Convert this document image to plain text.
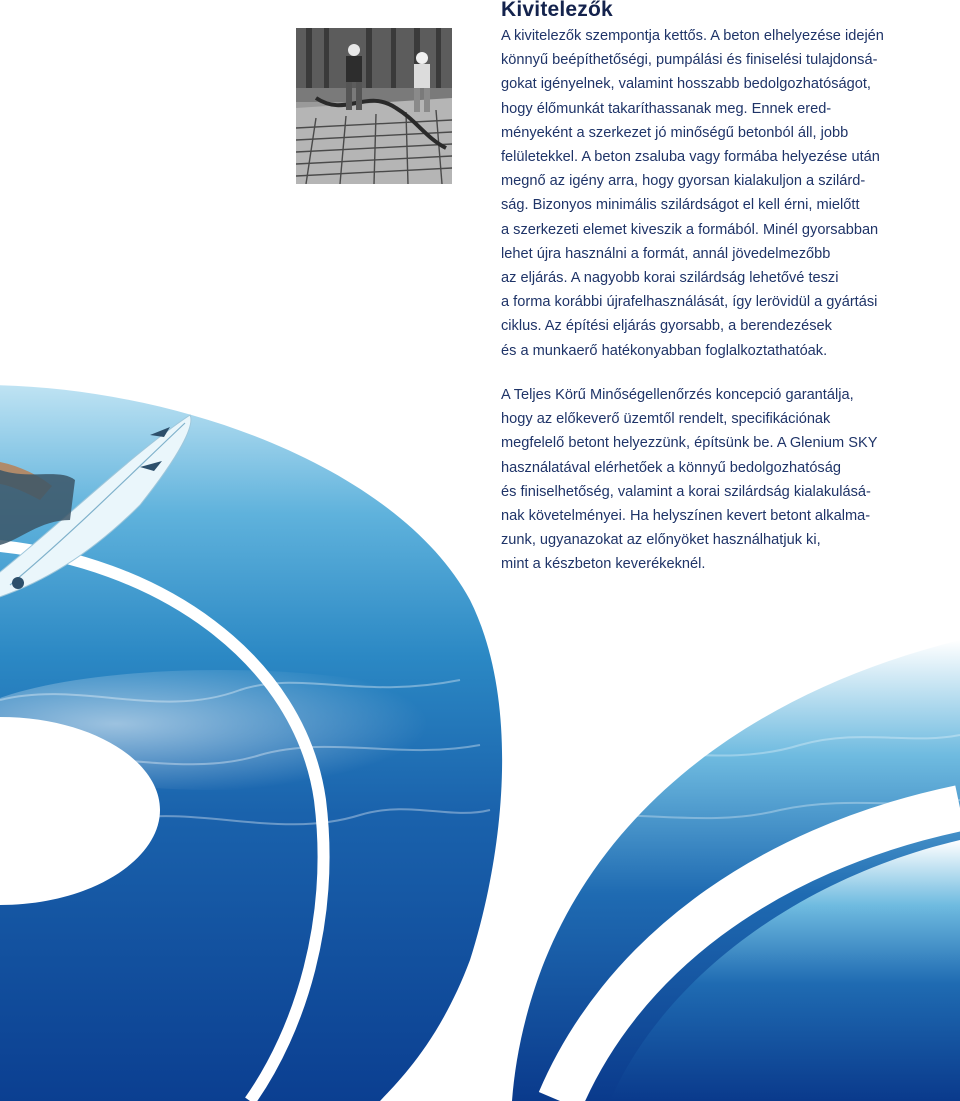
Kivitelezők

A kivitelezők szempontja kettős. A beton elhelyezése idején
könnyű beépíthetőségi, pumpálási és finiselési tulajdonsá-
gokat igényelnek, valamint hosszabb bedolgozhatóságot,
hogy élőmunkát takaríthassanak meg. Ennek ered-
ményeként a szerkezet jó minőségű betonból áll, jobb
felületekkel. A beton zsaluba vagy formába helyezése után
megnő az igény arra, hogy gyorsan kialakuljon a szilárd-
ság. Bizonyos minimális szilárdságot el kell érni, mielőtt
a szerkezeti elemet kiveszik a formából. Minél gyorsabban
lehet újra használni a formát, annál jövedelmezőbb
az eljárás. A nagyobb korai szilárdság lehetővé teszi
a forma korábbi újrafelhasználását, így lerövidül a gyártási
ciklus. Az építési eljárás gyorsabb, a berendezések
és a munkaerő hatékonyabban foglalkoztathatóak.

A Teljes Körű Minőségellenőrzés koncepció garantálja,
hogy az előkeverő üzemtől rendelt, specifikációnak
megfelelő betont helyezzünk, építsünk be. A Glenium SKY
használatával elérhetőek a könnyű bedolgozhatóság
és finiselhetőség, valamint a korai szilárdság kialakulásá-
nak követelményei. Ha helyszínen kevert betont alkalma-
zunk, ugyanazokat az előnyöket használhatjuk ki,
mint a készbeton keverékeknél.
